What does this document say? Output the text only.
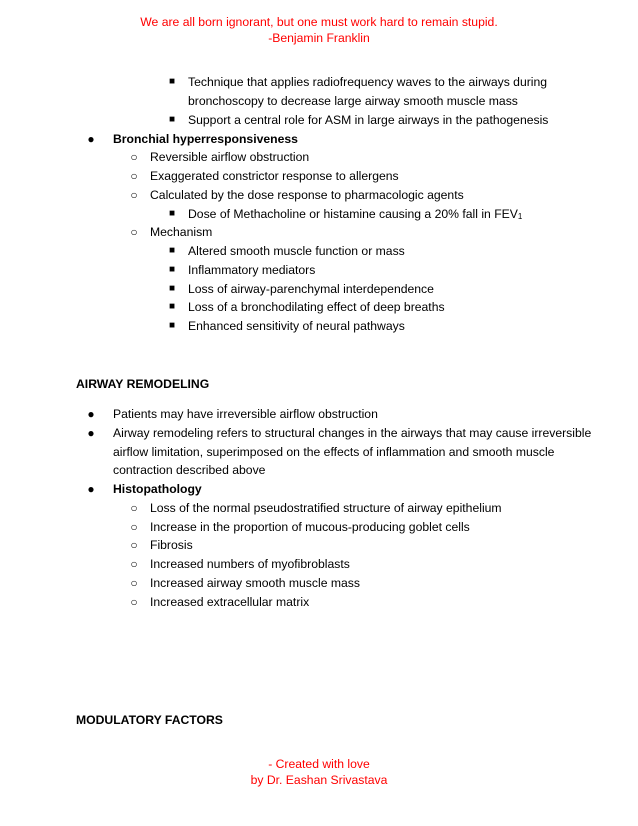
We are all born ignorant, but one must work hard to remain stupid.
-Benjamin Franklin
■	Technique that applies radiofrequency waves to the airways during
bronchoscopy to decrease large airway smooth muscle mass
■	Support a central role for ASM in large airways in the pathogenesis
● Bronchial hyperresponsiveness
○ Reversible airflow obstruction
○ Exaggerated constrictor response to allergens
○ Calculated by the dose response to pharmacologic agents
■	Dose of Methacholine or histamine causing a 20% fall in $FEV_1$
○ Mechanism
■	Altered smooth muscle function or mass
■	Inflammatory mediators
■	Loss of airway-parenchymal interdependence
■	Loss of a bronchodilating effect of deep breaths
■	Enhanced sensitivity of neural pathways
AIRWAY REMODELING
● Patients may have irreversible airflow obstruction
● Airway remodeling refers to structural changes in the airways that may cause irreversible
airflow limitation, superimposed on the effects of inflammation and smooth muscle
contraction described above
● Histopathology
○ Loss of the normal pseudostratified structure of airway epithelium
○ Increase in the proportion of mucous-producing goblet cells
○ Fibrosis
○ Increased numbers of myofibroblasts
○ Increased airway smooth muscle mass
○ Increased extracellular matrix
MODULATORY FACTORS
- Created with love
by Dr. Eashan Srivastava
